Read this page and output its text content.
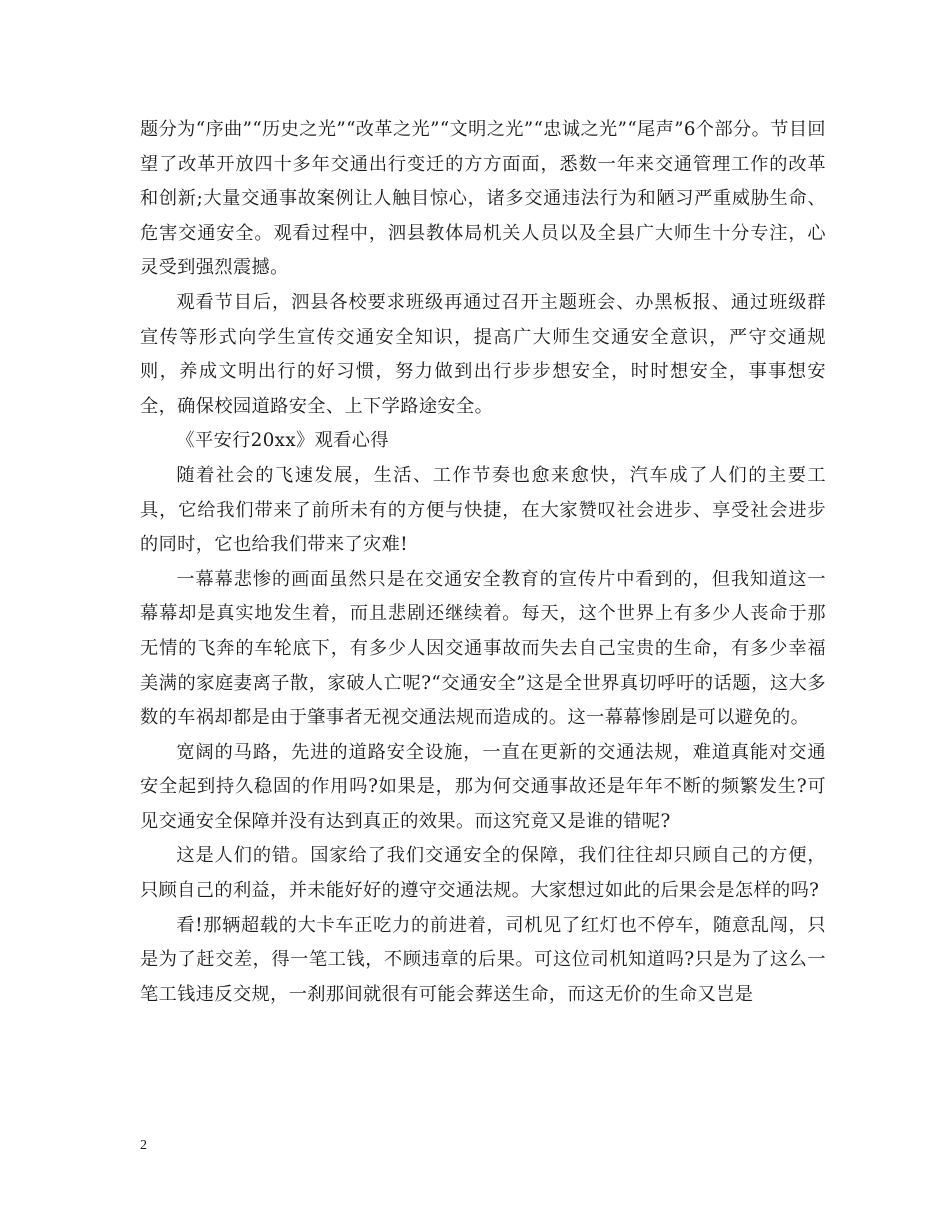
题分为“序曲”“历史之光”“改革之光”“文明之光”“忠诚之光”“尾声”6个部分。节目回望了改革开放四十多年交通出行变迁的方方面面，悉数一年来交通管理工作的改革和创新;大量交通事故案例让人触目惊心，诸多交通违法行为和陋习严重威胁生命、危害交通安全。观看过程中，泗县教体局机关人员以及全县广大师生十分专注，心灵受到强烈震撼。

观看节目后，泗县各校要求班级再通过召开主题班会、办黑板报、通过班级群宣传等形式向学生宣传交通安全知识，提高广大师生交通安全意识，严守交通规则，养成文明出行的好习惯，努力做到出行步步想安全，时时想安全，事事想安全，确保校园道路安全、上下学路途安全。

《平安行20xx》观看心得

随着社会的飞速发展，生活、工作节奏也愈来愈快，汽车成了人们的主要工具，它给我们带来了前所未有的方便与快捷，在大家赞叹社会进步、享受社会进步的同时，它也给我们带来了灾难!

一幕幕悲惨的画面虽然只是在交通安全教育的宣传片中看到的，但我知道这一幕幕却是真实地发生着，而且悲剧还继续着。每天，这个世界上有多少人丧命于那无情的飞奔的车轮底下，有多少人因交通事故而失去自己宝贵的生命，有多少幸福美满的家庭妻离子散，家破人亡呢?“交通安全”这是全世界真切呼吁的话题，这大多数的车祸却都是由于肇事者无视交通法规而造成的。这一幕幕惨剧是可以避免的。

宽阔的马路，先进的道路安全设施，一直在更新的交通法规，难道真能对交通安全起到持久稳固的作用吗?如果是，那为何交通事故还是年年不断的频繁发生?可见交通安全保障并没有达到真正的效果。而这究竟又是谁的错呢?

这是人们的错。国家给了我们交通安全的保障，我们往往却只顾自己的方便，只顾自己的利益，并未能好好的遵守交通法规。大家想过如此的后果会是怎样的吗?

看!那辆超载的大卡车正吃力的前进着，司机见了红灯也不停车，随意乱闯，只是为了赶交差，得一笔工钱，不顾违章的后果。可这位司机知道吗?只是为了这么一笔工钱违反交规，一刹那间就很有可能会葬送生命，而这无价的生命又岂是

2
